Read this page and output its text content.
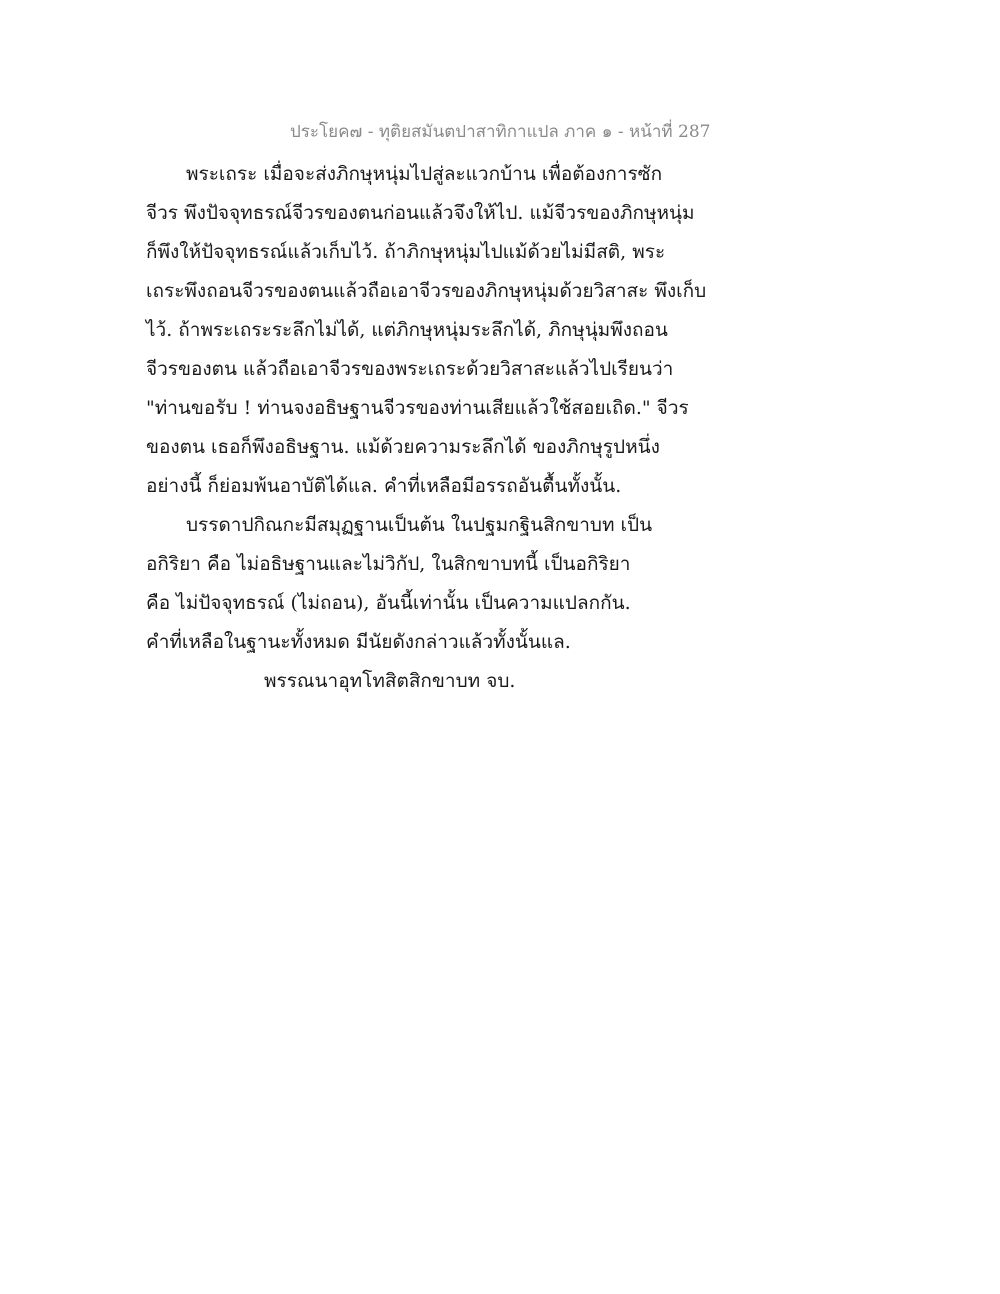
ประโยค๗ - ทุติยสมันตปาสาทิกาแปล ภาค ๑ - หน้าที่ 287
พระเถระ เมื่อจะส่งภิกษุหนุ่มไปสู่ละแวกบ้าน เพื่อต้องการซัก
จีวร พึงปัจจุทธรณ์จีวรของตนก่อนแล้วจึงให้ไป. แม้จีวรของภิกษุหนุ่ม
ก็พึงให้ปัจจุทธรณ์แล้วเก็บไว้. ถ้าภิกษุหนุ่มไปแม้ด้วยไม่มีสติ, พระ
เถระพึงถอนจีวรของตนแล้วถือเอาจีวรของภิกษุหนุ่มด้วยวิสาสะ พึงเก็บ
ไว้. ถ้าพระเถระระลึกไม่ได้, แต่ภิกษุหนุ่มระลึกได้, ภิกษุนุ่มพึงถอน
จีวรของตน แล้วถือเอาจีวรของพระเถระด้วยวิสาสะแล้วไปเรียนว่า
"ท่านขอรับ ! ท่านจงอธิษฐานจีวรของท่านเสียแล้วใช้สอยเถิด." จีวร
ของตน เธอก็พึงอธิษฐาน. แม้ด้วยความระลึกได้ ของภิกษุรูปหนึ่ง
อย่างนี้ ก็ย่อมพ้นอาบัติได้แล. คำที่เหลือมีอรรถอันตื้นทั้งนั้น.
บรรดาปกิณกะมีสมุฏฐานเป็นต้น ในปฐมกฐินสิกขาบท เป็น
อกิริยา คือ ไม่อธิษฐานและไม่วิกัป, ในสิกขาบทนี้ เป็นอกิริยา
คือ ไม่ปัจจุทธรณ์ (ไม่ถอน), อันนี้เท่านั้น เป็นความแปลกกัน.
คำที่เหลือในฐานะทั้งหมด มีนัยดังกล่าวแล้วทั้งนั้นแล.
พรรณนาอุทโทสิตสิกขาบท จบ.
